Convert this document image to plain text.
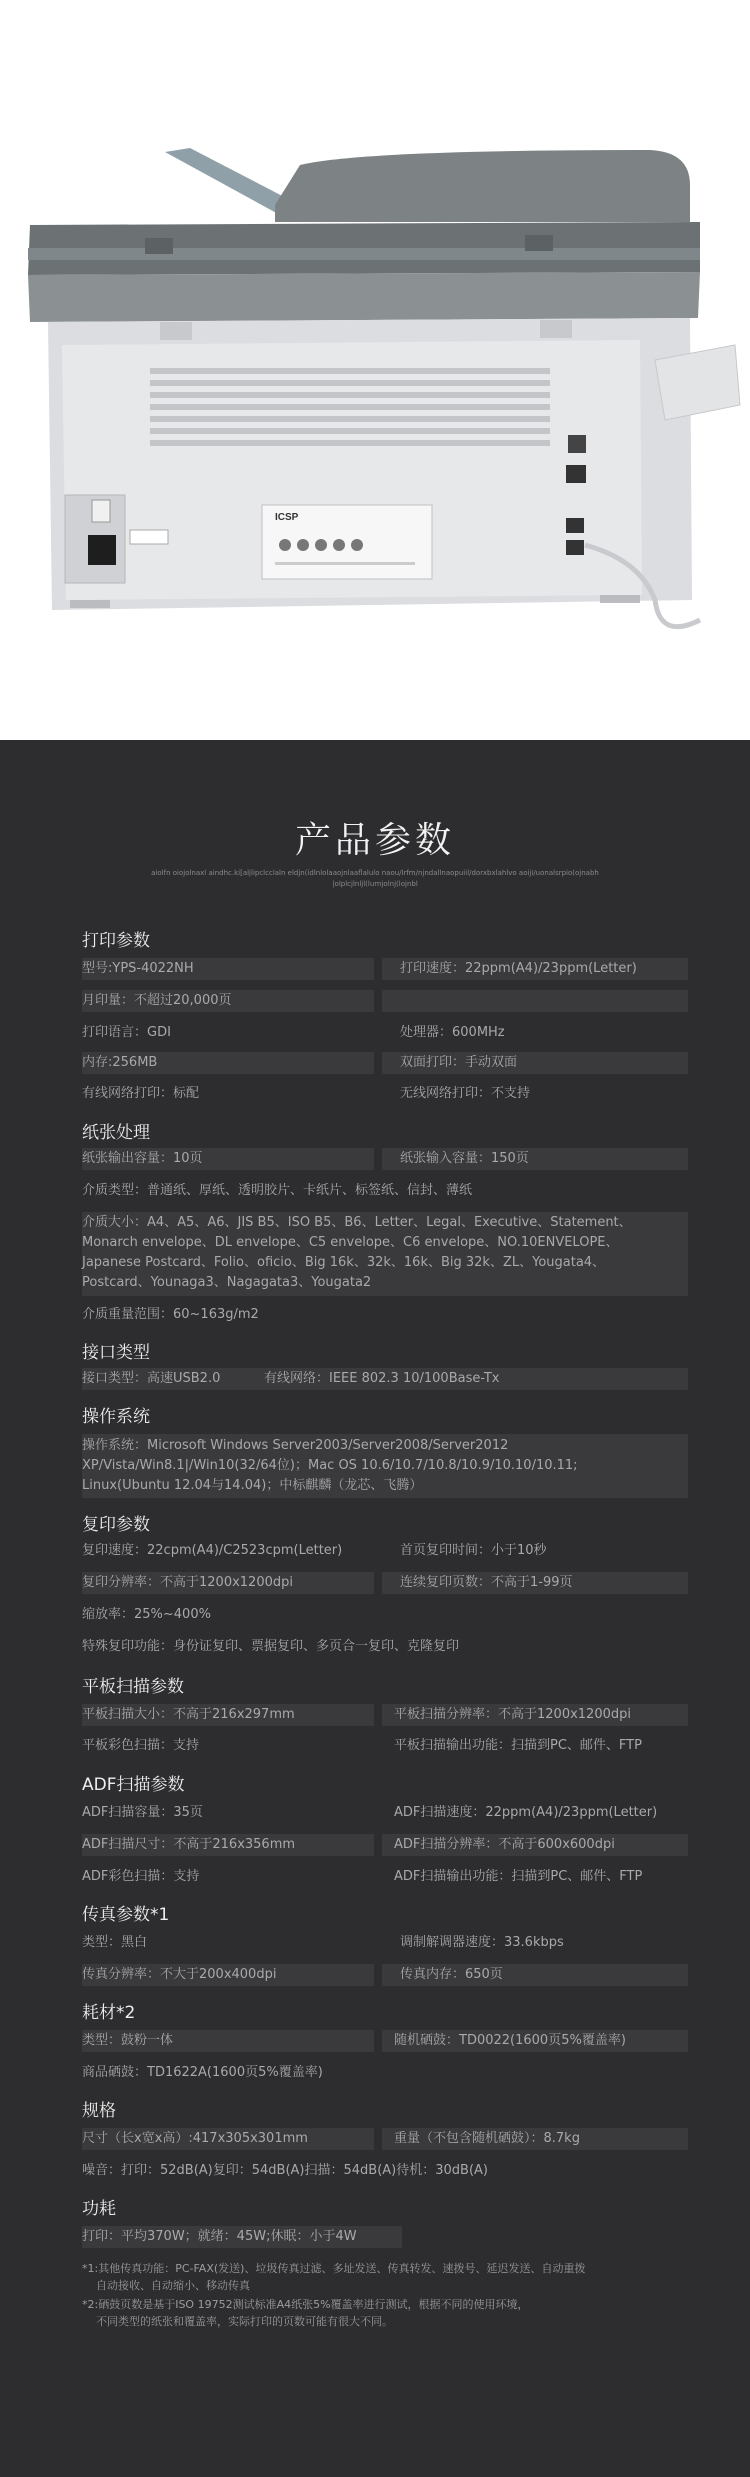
ICSP
产品参数
aiolfn oiojolnaxl aindhc.ki[aljlipclcclaln eldjn(idlnlolaaojnlaaflalulo naou/lrfm/njndallnaopuiil/dorxbxlahlvo aoiji/uonalsrpio(ojnabh|olplcjlnljl(lurnjolnj(lojnbl
打印参数
型号:YPS-4022NH	打印速度：22ppm(A4)/23ppm(Letter)
月印量：不超过20,000页
打印语言：GDI	处理器：600MHz
内存:256MB	双面打印：手动双面
有线网络打印：标配	无线网络打印：不支持
纸张处理
纸张输出容量：10页	纸张输入容量：150页
介质类型：普通纸、厚纸、透明胶片、卡纸片、标签纸、信封、薄纸
介质大小：A4、A5、A6、JIS B5、ISO B5、B6、Letter、Legal、Executive、Statement、
Monarch envelope、DL envelope、C5 envelope、C6 envelope、NO.10ENVELOPE、
Japanese Postcard、Folio、oficio、Big 16k、32k、16k、Big 32k、ZL、Yougata4、
Postcard、Younaga3、Nagagata3、Yougata2
介质重量范围：60~163g/m2
接口类型
接口类型：高速USB2.0	有线网络：IEEE 802.3 10/100Base-Tx
操作系统
操作系统：Microsoft Windows Server2003/Server2008/Server2012
XP/Vista/Win8.1|/Win10(32/64位)；Mac OS 10.6/10.7/10.8/10.9/10.10/10.11;
Linux(Ubuntu 12.04与14.04)；中标麒麟（龙芯、飞腾）
复印参数
复印速度：22cpm(A4)/C2523cpm(Letter)	首页复印时间：小于10秒
复印分辨率：不高于1200x1200dpi	连续复印页数：不高于1-99页
缩放率：25%~400%
特殊复印功能：身份证复印、票据复印、多页合一复印、克隆复印
平板扫描参数
平板扫描大小：不高于216x297mm	平板扫描分辨率：不高于1200x1200dpi
平板彩色扫描：支持	平板扫描输出功能：扫描到PC、邮件、FTP
ADF扫描参数
ADF扫描容量：35页	ADF扫描速度：22ppm(A4)/23ppm(Letter)
ADF扫描尺寸：不高于216x356mm	ADF扫描分辨率：不高于600x600dpi
ADF彩色扫描：支持	ADF扫描输出功能：扫描到PC、邮件、FTP
传真参数*1
类型：黑白	调制解调器速度：33.6kbps
传真分辨率：不大于200x400dpi	传真内存：650页
耗材*2
类型：鼓粉一体	随机硒鼓：TD0022(1600页5%覆盖率)
商品硒鼓：TD1622A(1600页5%覆盖率)
规格
尺寸（长x宽x高）:417x305x301mm	重量（不包含随机硒鼓）：8.7kg
噪音：打印：52dB(A)复印：54dB(A)扫描：54dB(A)待机：30dB(A)
功耗
打印：平均370W；就绪：45W;休眠：小于4W
*1:其他传真功能：PC-FAX(发送)、垃圾传真过滤、多址发送、传真转发、速拨号、延迟发送、自动重拨
自动接收、自动缩小、移动传真
*2:硒鼓页数是基于ISO 19752测试标准A4纸张5%覆盖率进行测试，根据不同的使用环境，
不同类型的纸张和覆盖率，实际打印的页数可能有很大不同。
